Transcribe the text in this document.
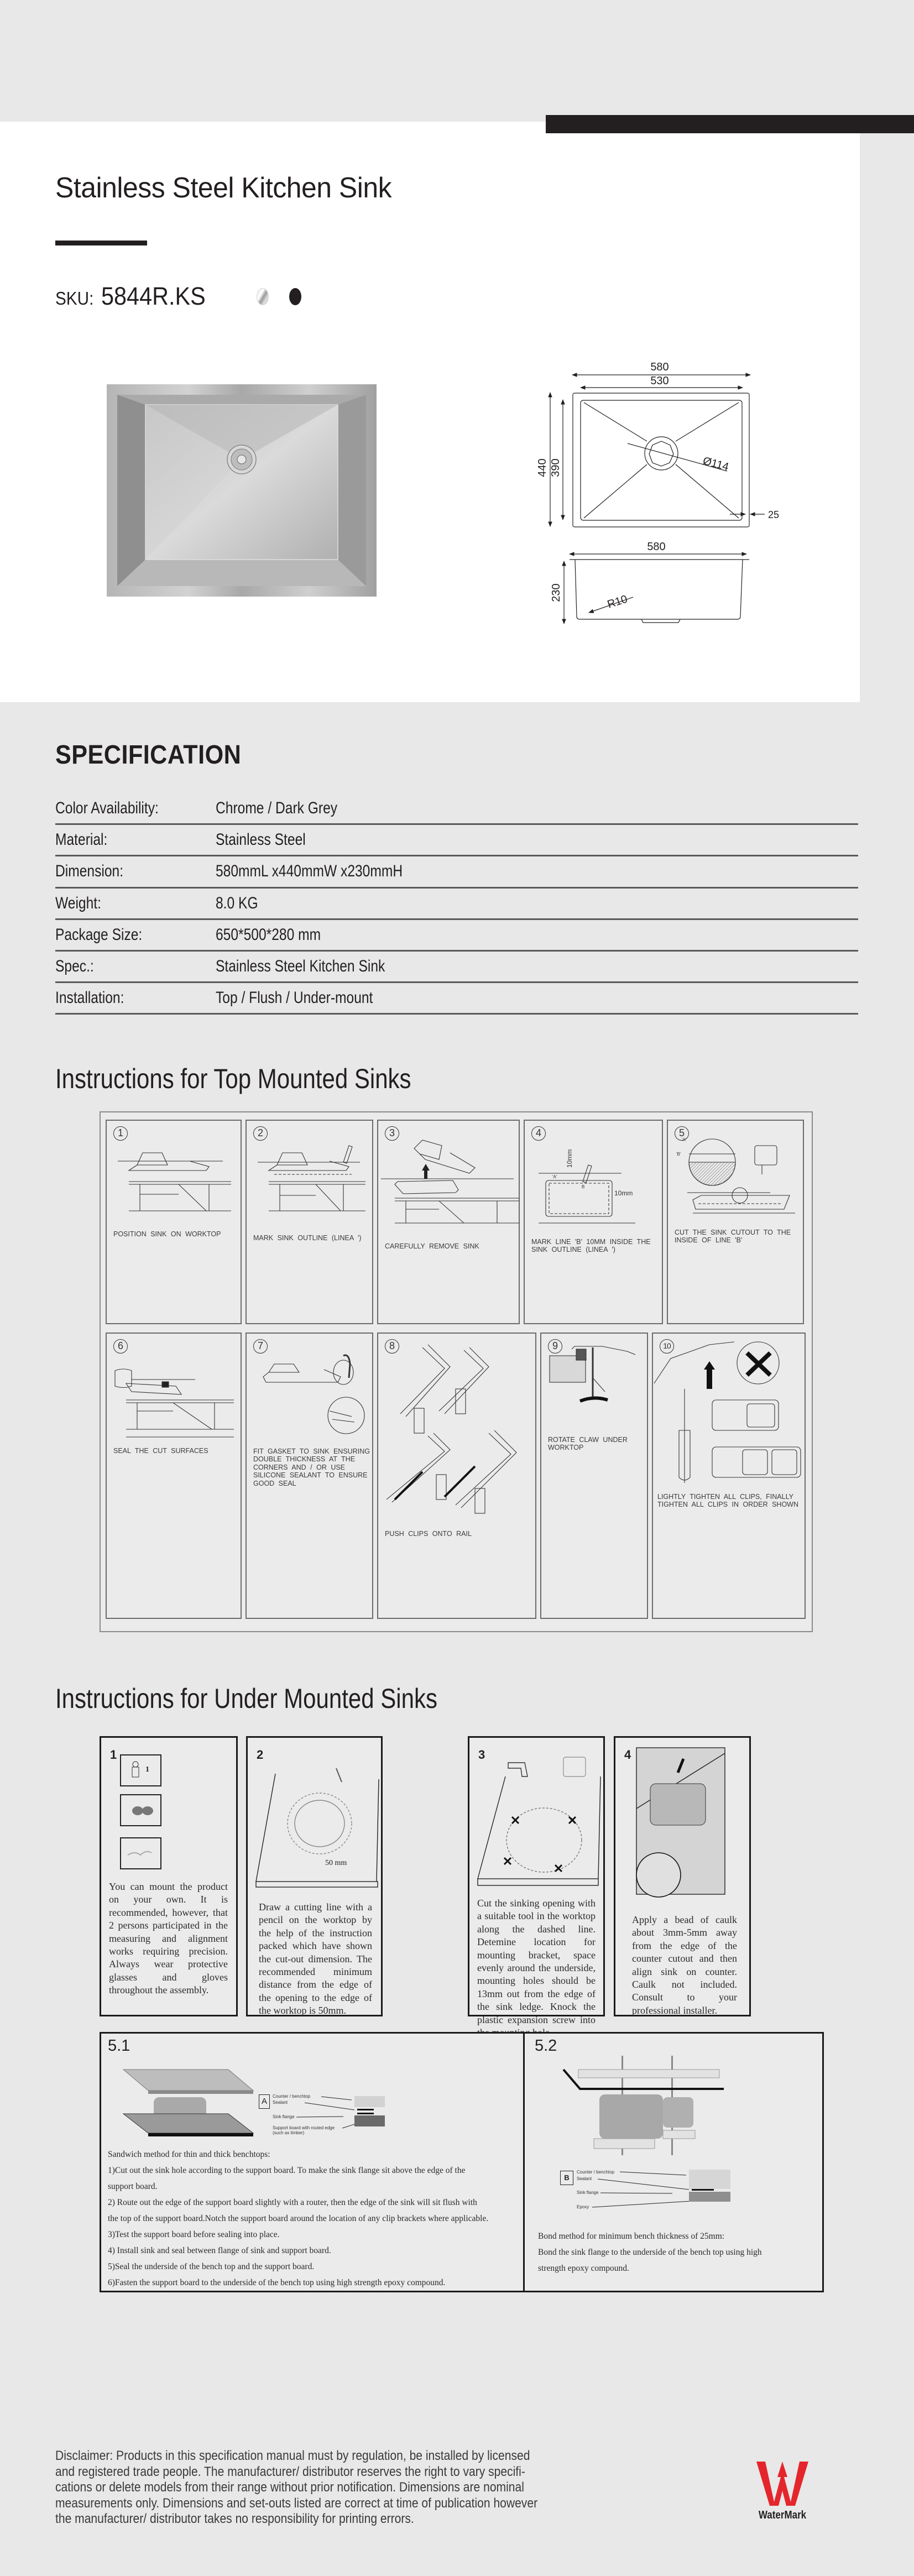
Stainless Steel Kitchen Sink
SKU: 5844R.KS
580
530
440 390	Ø114
25
580
230	R10
SPECIFICATION
Color Availability:	Chrome / Dark Grey
Material:	Stainless Steel
Dimension:	580mmL x440mmW x230mmH
Weight:	8.0 KG
Package Size:	650*500*280 mm
Spec.:	Stainless Steel Kitchen Sink
Installation:	Top / Flush / Under-mount
Instructions for Top Mounted Sinks
1
POSITION SINK ON WORKTOP
2
MARK SINK OUTLINE (LINEA ')
3
CAREFULLY REMOVE SINK
4
10mm
10mm
'A'
B
MARK LINE 'B' 10MM INSIDE THE SINK OUTLINE (LINEA ')
5
'A'
'B'
CUT THE SINK CUTOUT TO THE INSIDE OF LINE 'B'
6
SEAL THE CUT SURFACES
7
FIT GASKET TO SINK ENSURING DOUBLE THICKNESS AT THE CORNERS AND / OR USE SILICONE SEALANT TO ENSURE GOOD SEAL
8
PUSH CLIPS ONTO RAIL
9
ROTATE CLAW UNDER WORKTOP
10
LIGHTLY TIGHTEN ALL CLIPS, FINALLY TIGHTEN ALL CLIPS IN ORDER SHOWN
Instructions for Under Mounted Sinks
1
1
You can mount the product on your own. It is recommended, however, that 2 persons participated in the measuring and alignment works requiring precision. Always wear protective glasses and gloves throughout the assembly.
2
50 mm
Draw a cutting line with a pencil on the worktop by the help of the instruction packed which have shown the cut-out dimension. The recommended minimum distance from the edge of the opening to the edge of the worktop is 50mm.
3
Cut the sinking opening with a suitable tool in the worktop along the dashed line. Detemine location for mounting bracket, space evenly around the underside, mounting holes should be 13mm out from the edge of the sink ledge. Knock the plastic expansion screw into
4
Apply a bead of caulk about 3mm-5mm away from the edge of the counter cutout and then align sink on counter. Caulk not included. Consult to your professional installer.
5.1
A
Counter / benchtop
Sealant
Sink flange
Support board with routed edge
(such as timber)
Sandwich method for thin and thick benchtops:
1)Cut out the sink hole according to the support board. To make the sink flange sit above the edge of the
support board.
2) Route out the edge of the support board slightly with a router, then the edge of the sink will sit flush with
the top of the support board.Notch the support board around the location of any clip brackets where applicable.
3)Test the support board before sealing into place.
4) Install sink and seal between flange of sink and support board.
5)Seal the underside of the bench top and the support board.
6)Fasten the support board to the underside of the bench top using high strength epoxy compound.
5.2
B
Counter / benchtop
Sealant
Sink flange
Epoxy
Bond method for minimum bench thickness of 25mm:
Bond the sink flange to the underside of the bench top using high
strength epoxy compound.
Disclaimer: Products in this specification manual must by regulation, be installed by licensed
and registered trade people. The manufacturer/ distributor reserves the right to vary specifi-
cations or delete models from their range without prior notification. Dimensions are nominal
measurements only. Dimensions and set-outs listed are correct at time of publication however
the manufacturer/ distributor takes no responsibility for printing errors.	WaterMark
